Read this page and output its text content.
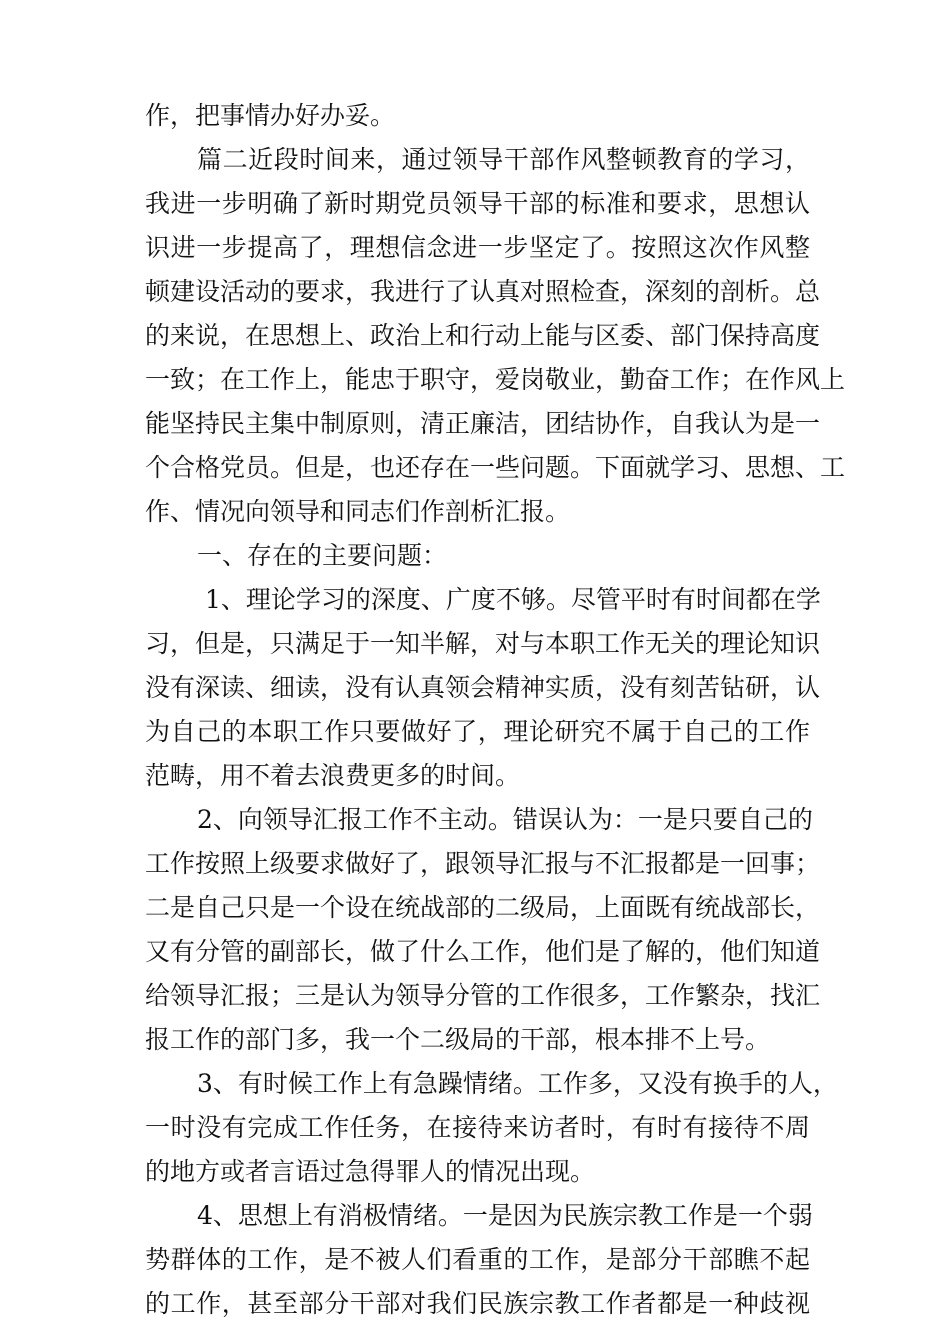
作，把事情办好办妥。
篇二近段时间来，通过领导干部作风整顿教育的学习，
我进一步明确了新时期党员领导干部的标准和要求，思想认
识进一步提高了，理想信念进一步坚定了。按照这次作风整
顿建设活动的要求，我进行了认真对照检查，深刻的剖析。总
的来说，在思想上、政治上和行动上能与区委、部门保持高度
一致；在工作上，能忠于职守，爱岗敬业，勤奋工作；在作风上
能坚持民主集中制原则，清正廉洁，团结协作，自我认为是一
个合格党员。但是，也还存在一些问题。下面就学习、思想、工
作、情况向领导和同志们作剖析汇报。
一、存在的主要问题：
1、理论学习的深度、广度不够。尽管平时有时间都在学
习，但是，只满足于一知半解，对与本职工作无关的理论知识
没有深读、细读，没有认真领会精神实质，没有刻苦钻研，认
为自己的本职工作只要做好了，理论研究不属于自己的工作
范畴，用不着去浪费更多的时间。
2、向领导汇报工作不主动。错误认为：一是只要自己的
工作按照上级要求做好了，跟领导汇报与不汇报都是一回事；
二是自己只是一个设在统战部的二级局，上面既有统战部长，
又有分管的副部长，做了什么工作，他们是了解的，他们知道
给领导汇报；三是认为领导分管的工作很多，工作繁杂，找汇
报工作的部门多，我一个二级局的干部，根本排不上号。
3、有时候工作上有急躁情绪。工作多，又没有换手的人，
一时没有完成工作任务，在接待来访者时，有时有接待不周
的地方或者言语过急得罪人的情况出现。
4、思想上有消极情绪。一是因为民族宗教工作是一个弱
势群体的工作，是不被人们看重的工作，是部分干部瞧不起
的工作，甚至部分干部对我们民族宗教工作者都是一种歧视
